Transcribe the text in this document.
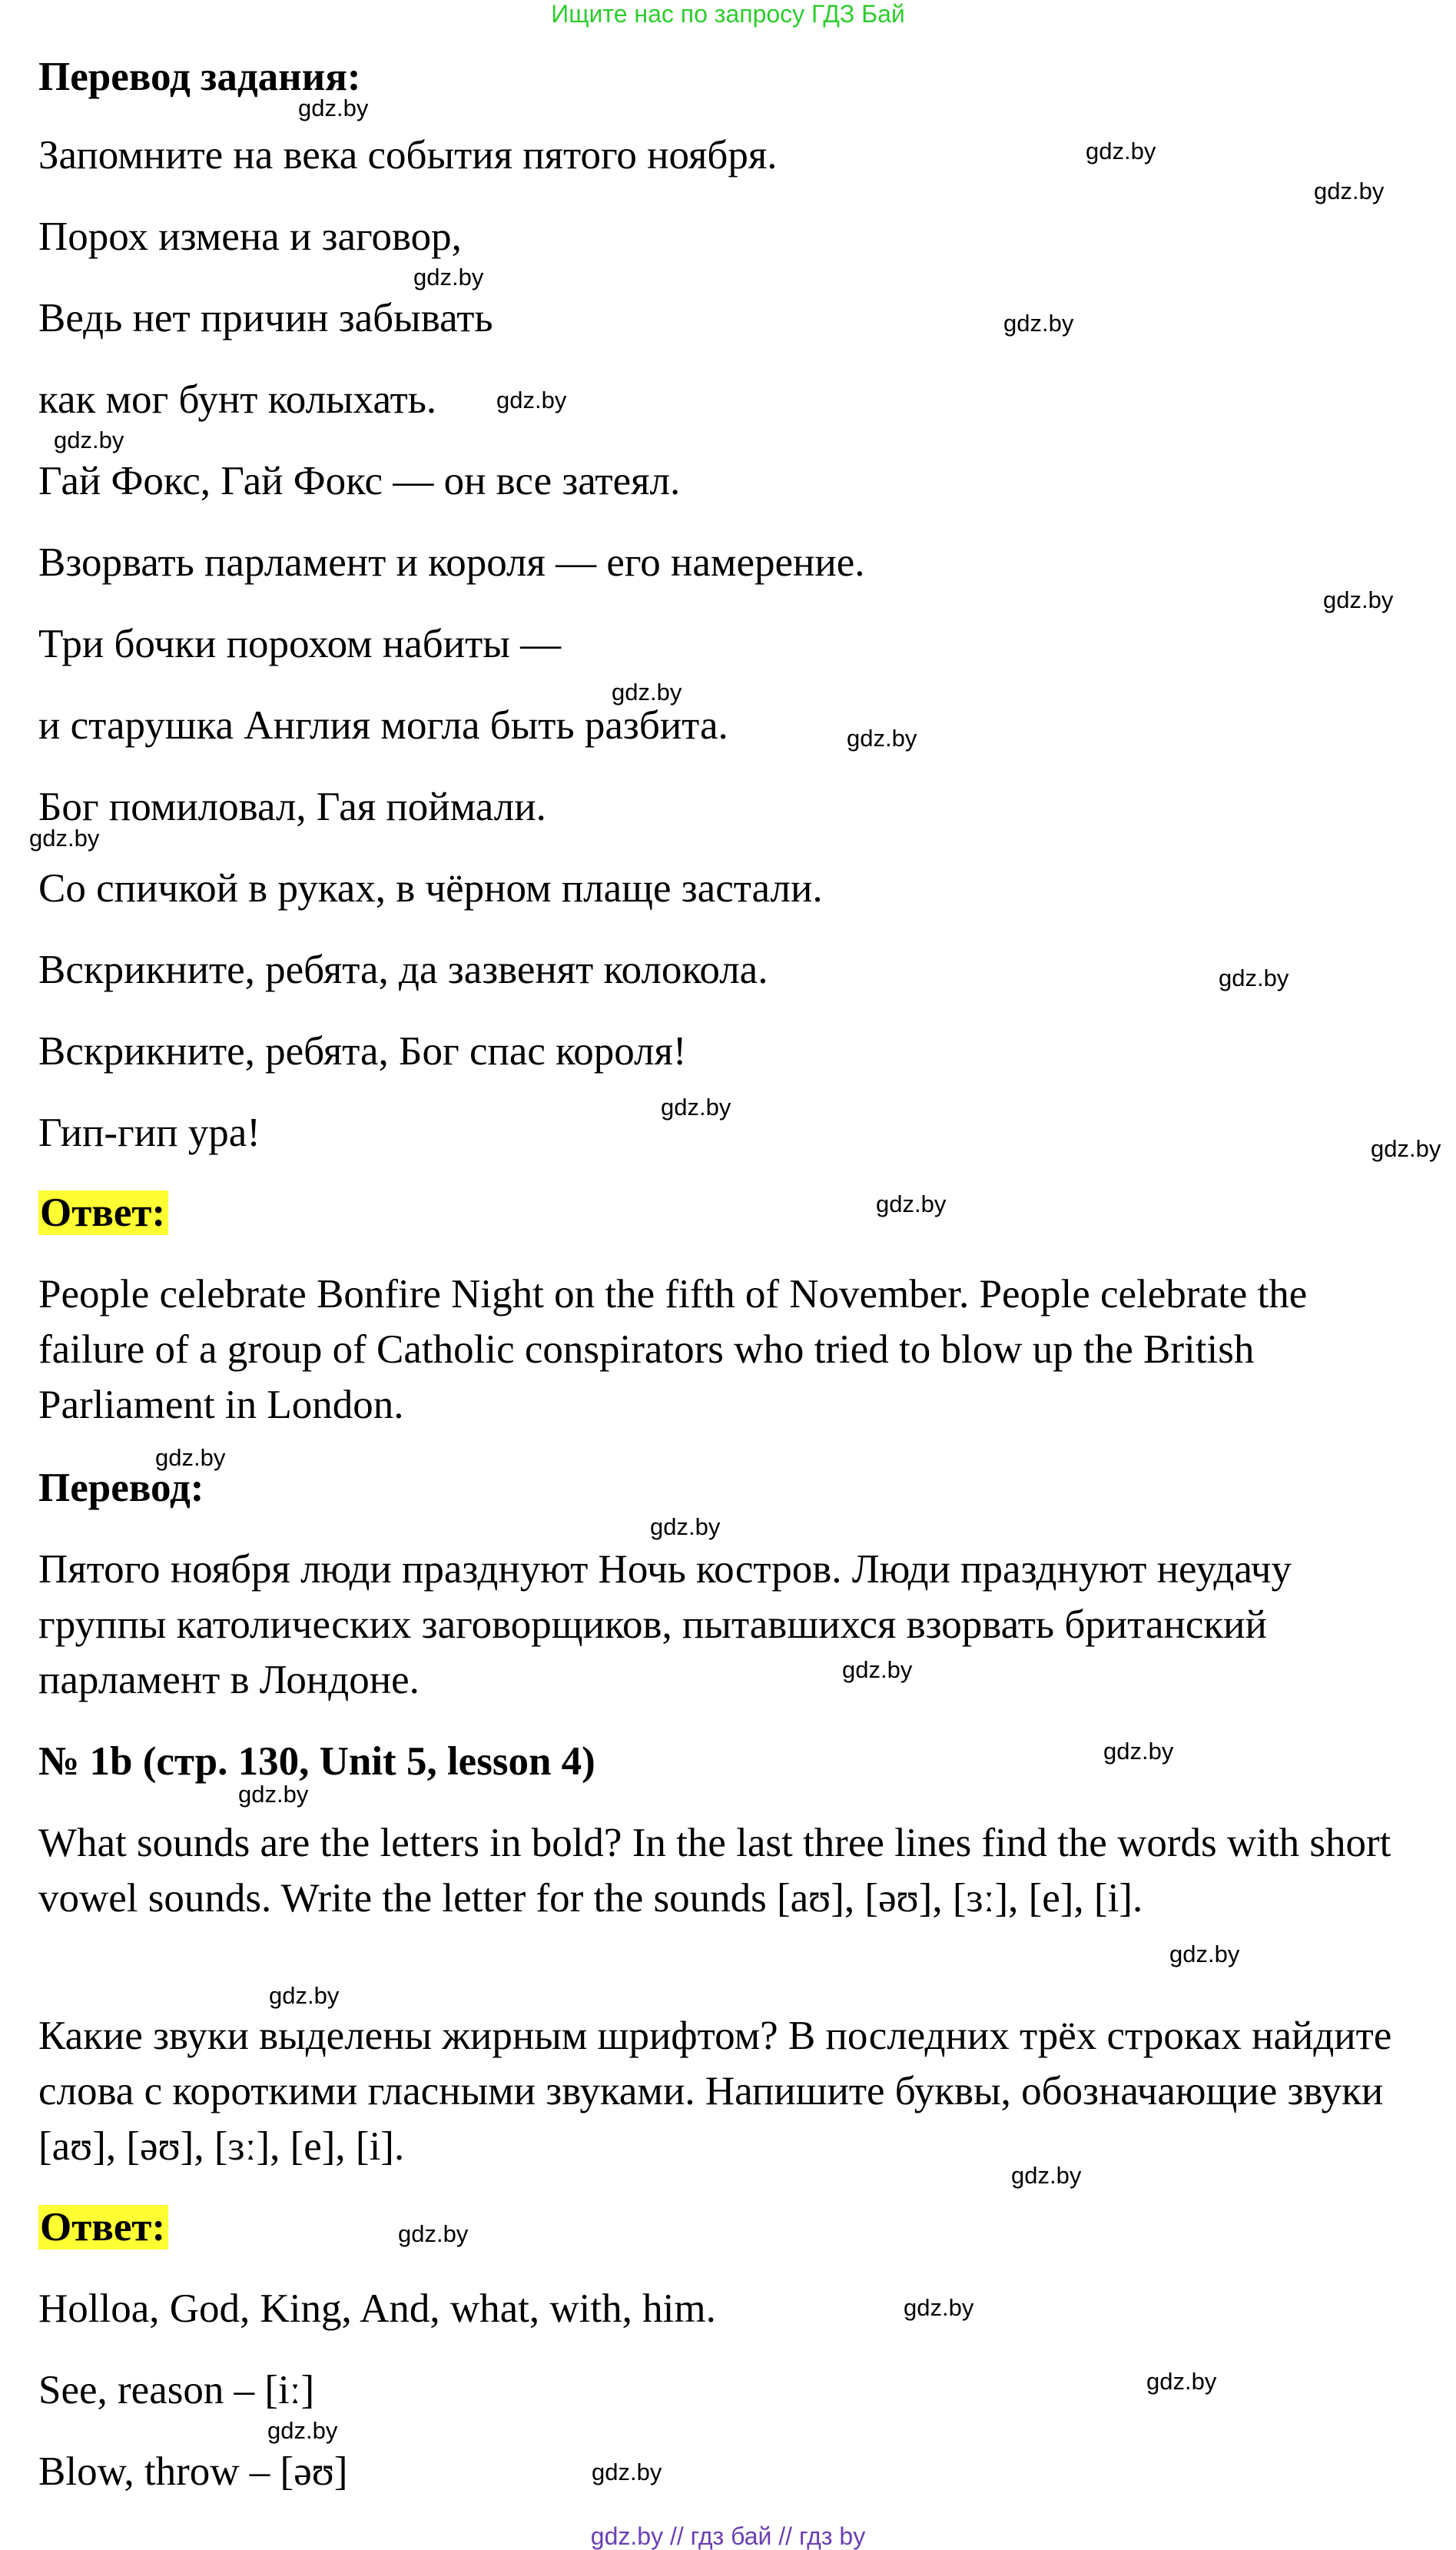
Ищите нас по запросу ГДЗ Бай
Перевод задания:
Запомните на века события пятого ноября.
Порох измена и заговор,
Ведь нет причин забывать
как мог бунт колыхать.
Гай Фокс, Гай Фокс — он все затеял.
Взорвать парламент и короля — его намерение.
Три бочки порохом набиты —
и старушка Англия могла быть разбита.
Бог помиловал, Гая поймали.
Со спичкой в руках, в чёрном плаще застали.
Вскрикните, ребята, да зазвенят колокола.
Вскрикните, ребята, Бог спас короля!
Гип-гип ура!
Ответ:
People celebrate Bonfire Night on the fifth of November. People celebrate the failure of a group of Catholic conspirators who tried to blow up the British Parliament in London.
Перевод:
Пятого ноября люди празднуют Ночь костров. Люди празднуют неудачу группы католических заговорщиков, пытавшихся взорвать британский парламент в Лондоне.
№ 1b (стр. 130, Unit 5, lesson 4)
What sounds are the letters in bold? In the last three lines find the words with short vowel sounds. Write the letter for the sounds [aʊ], [əʊ], [ɜː], [e], [i].
Какие звуки выделены жирным шрифтом? В последних трёх строках найдите слова с короткими гласными звуками. Напишите буквы, обозначающие звуки [aʊ], [əʊ], [ɜː], [e], [i].
Ответ:
Holloa, God, King, And, what, with, him.
See, reason – [iː]
Blow, throw – [əʊ]
gdz.by
gdz.by
gdz.by
gdz.by
gdz.by
gdz.by
gdz.by
gdz.by
gdz.by
gdz.by
gdz.by
gdz.by
gdz.by
gdz.by
gdz.by
gdz.by
gdz.by
gdz.by
gdz.by
gdz.by
gdz.by
gdz.by
gdz.by
gdz.by
gdz.by
gdz.by
gdz.by
gdz.by
gdz.by // гдз бай // гдз by
